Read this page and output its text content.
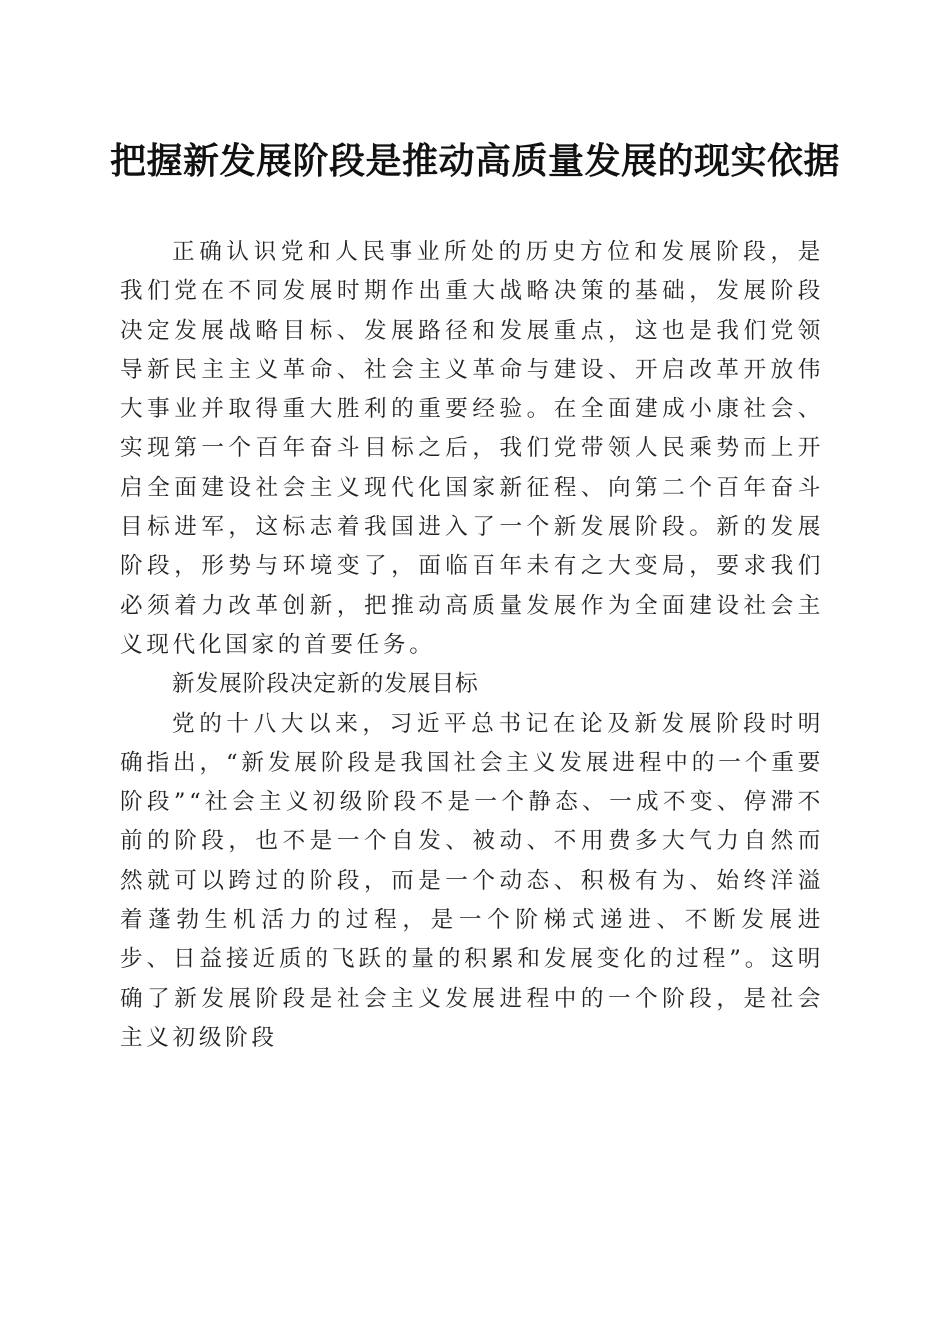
把握新发展阶段是推动高质量发展的现实依据

正确认识党和人民事业所处的历史方位和发展阶段，是我们党在不同发展时期作出重大战略决策的基础，发展阶段决定发展战略目标、发展路径和发展重点，这也是我们党领导新民主主义革命、社会主义革命与建设、开启改革开放伟大事业并取得重大胜利的重要经验。在全面建成小康社会、实现第一个百年奋斗目标之后，我们党带领人民乘势而上开启全面建设社会主义现代化国家新征程、向第二个百年奋斗目标进军，这标志着我国进入了一个新发展阶段。新的发展阶段，形势与环境变了，面临百年未有之大变局，要求我们必须着力改革创新，把推动高质量发展作为全面建设社会主义现代化国家的首要任务。

新发展阶段决定新的发展目标

党的十八大以来，习近平总书记在论及新发展阶段时明确指出，“新发展阶段是我国社会主义发展进程中的一个重要阶段”“社会主义初级阶段不是一个静态、一成不变、停滞不前的阶段，也不是一个自发、被动、不用费多大气力自然而然就可以跨过的阶段，而是一个动态、积极有为、始终洋溢着蓬勃生机活力的过程，是一个阶梯式递进、不断发展进步、日益接近质的飞跃的量的积累和发展变化的过程”。这明确了新发展阶段是社会主义发展进程中的一个阶段，是社会主义初级阶段
